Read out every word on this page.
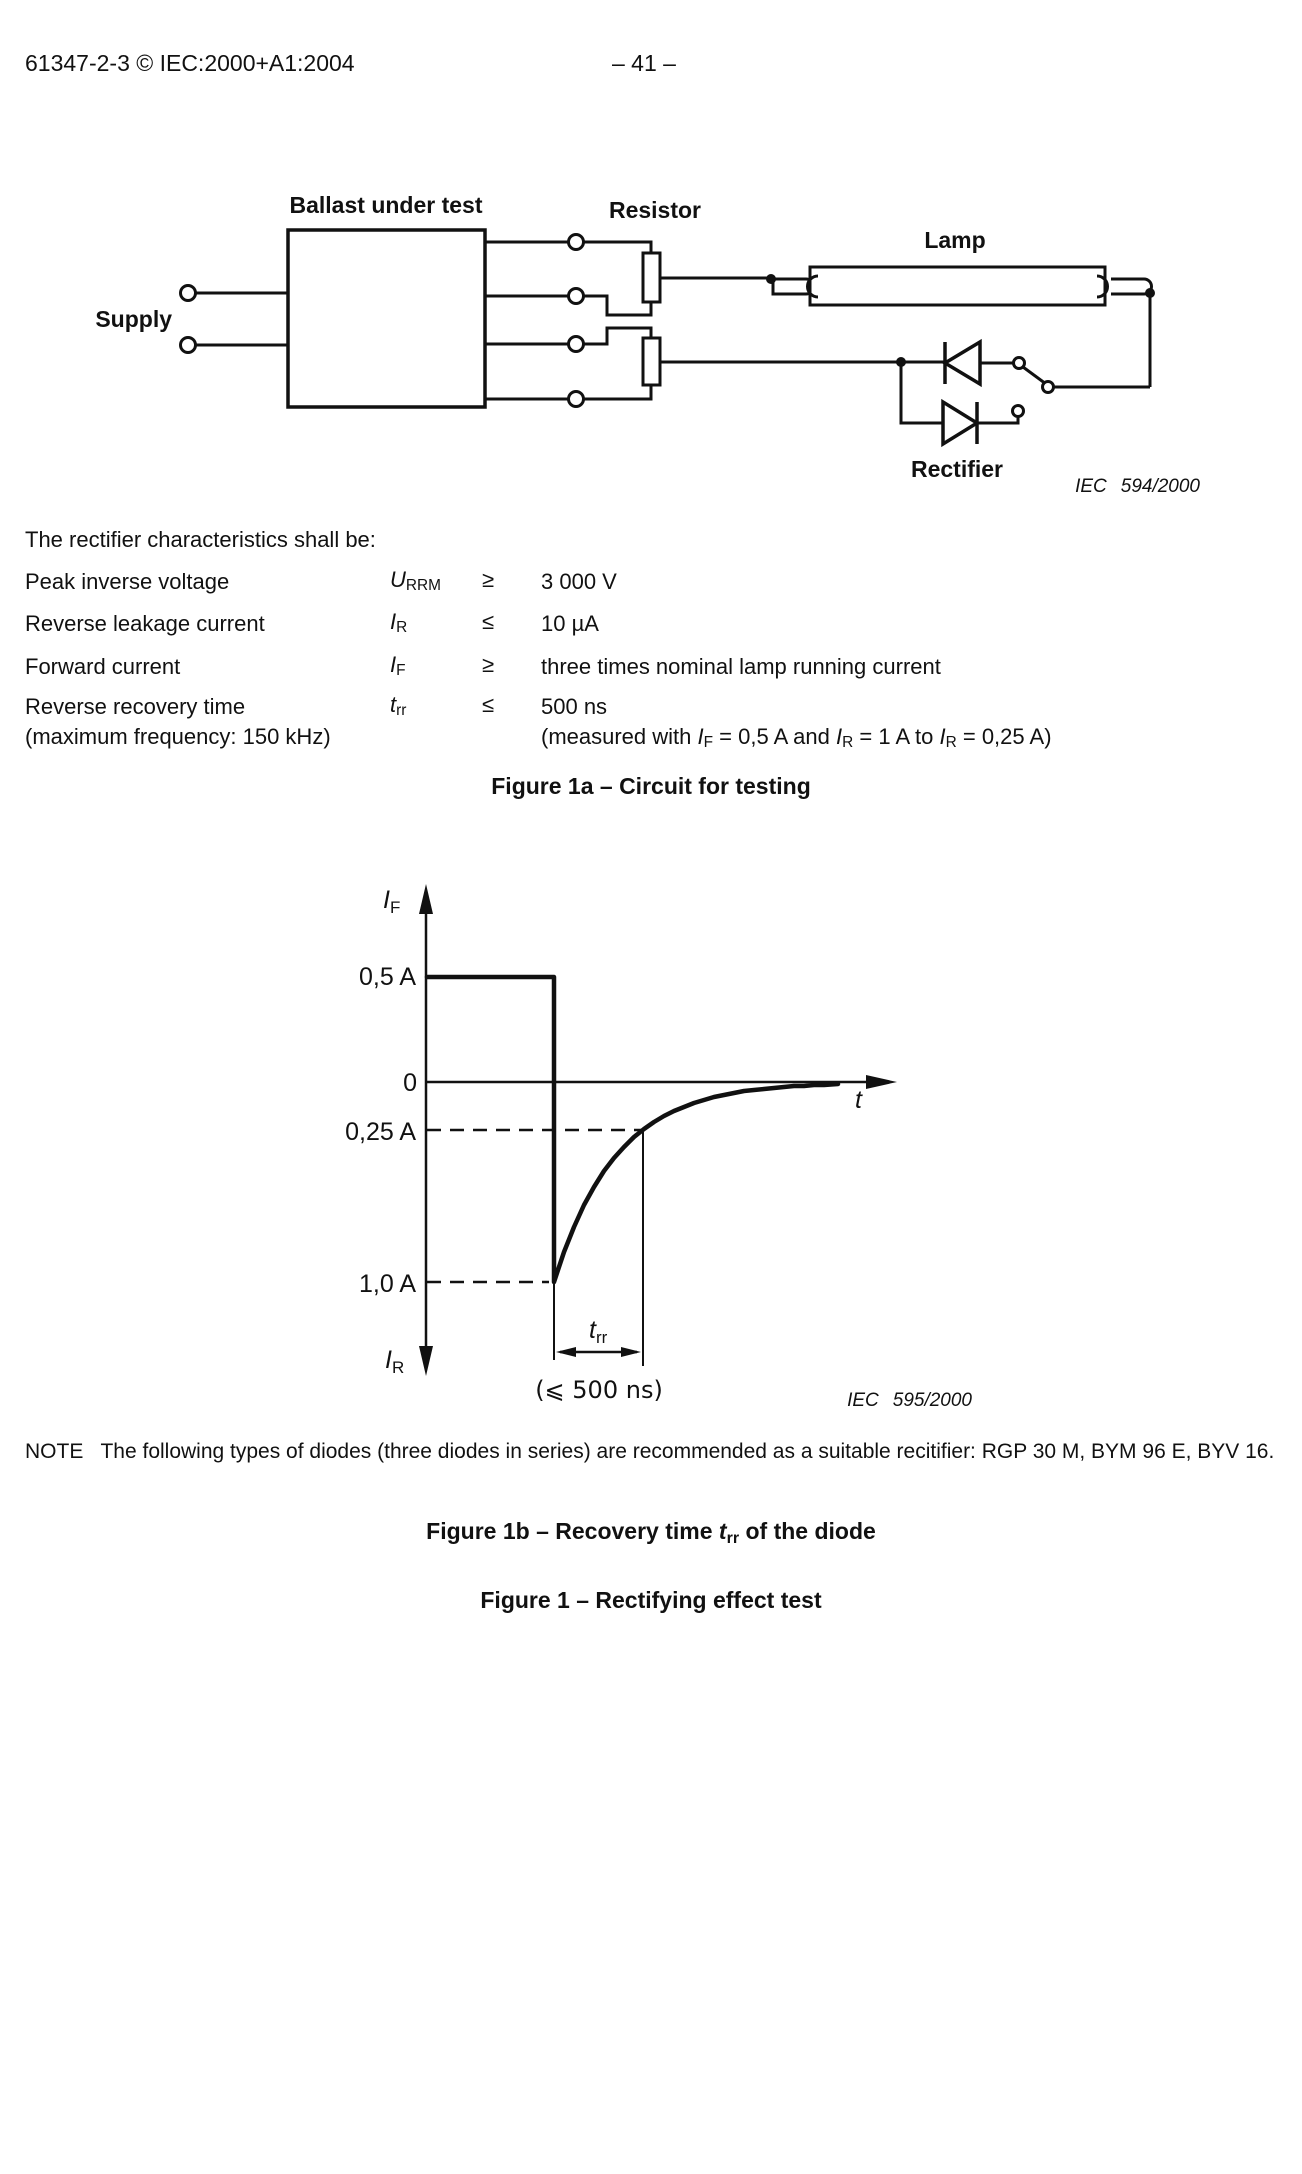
61347-2-3 © IEC:2000+A1:2004	– 41 –
Ballast under test
Supply
Resistor
Lamp
Rectifier
IEC 594/2000
The rectifier characteristics shall be:
Peak inverse voltage	URRM ≥ 3 000 V
Reverse leakage current	IR	≤ 10 µA
Forward current	IF	≥ three times nominal lamp running current
Reverse recovery time
(maximum frequency: 150 kHz)
trr	≤ 500 ns
(measured with IF = 0,5 A and IR = 1 A to IR = 0,25 A)
Figure 1a – Circuit for testing
$I_F$
$I_R$
0,5 A
0
0,25 A
1,0 A
t
$t_{rr}$
(⩽ 500 ns)	IEC 595/2000
NOTE   The following types of diodes (three diodes in series) are recommended as a suitable recitifier: RGP 30 M, BYM 96 E, BYV 16.
Figure 1b – Recovery time trr of the diode
Figure 1 – Rectifying effect test
